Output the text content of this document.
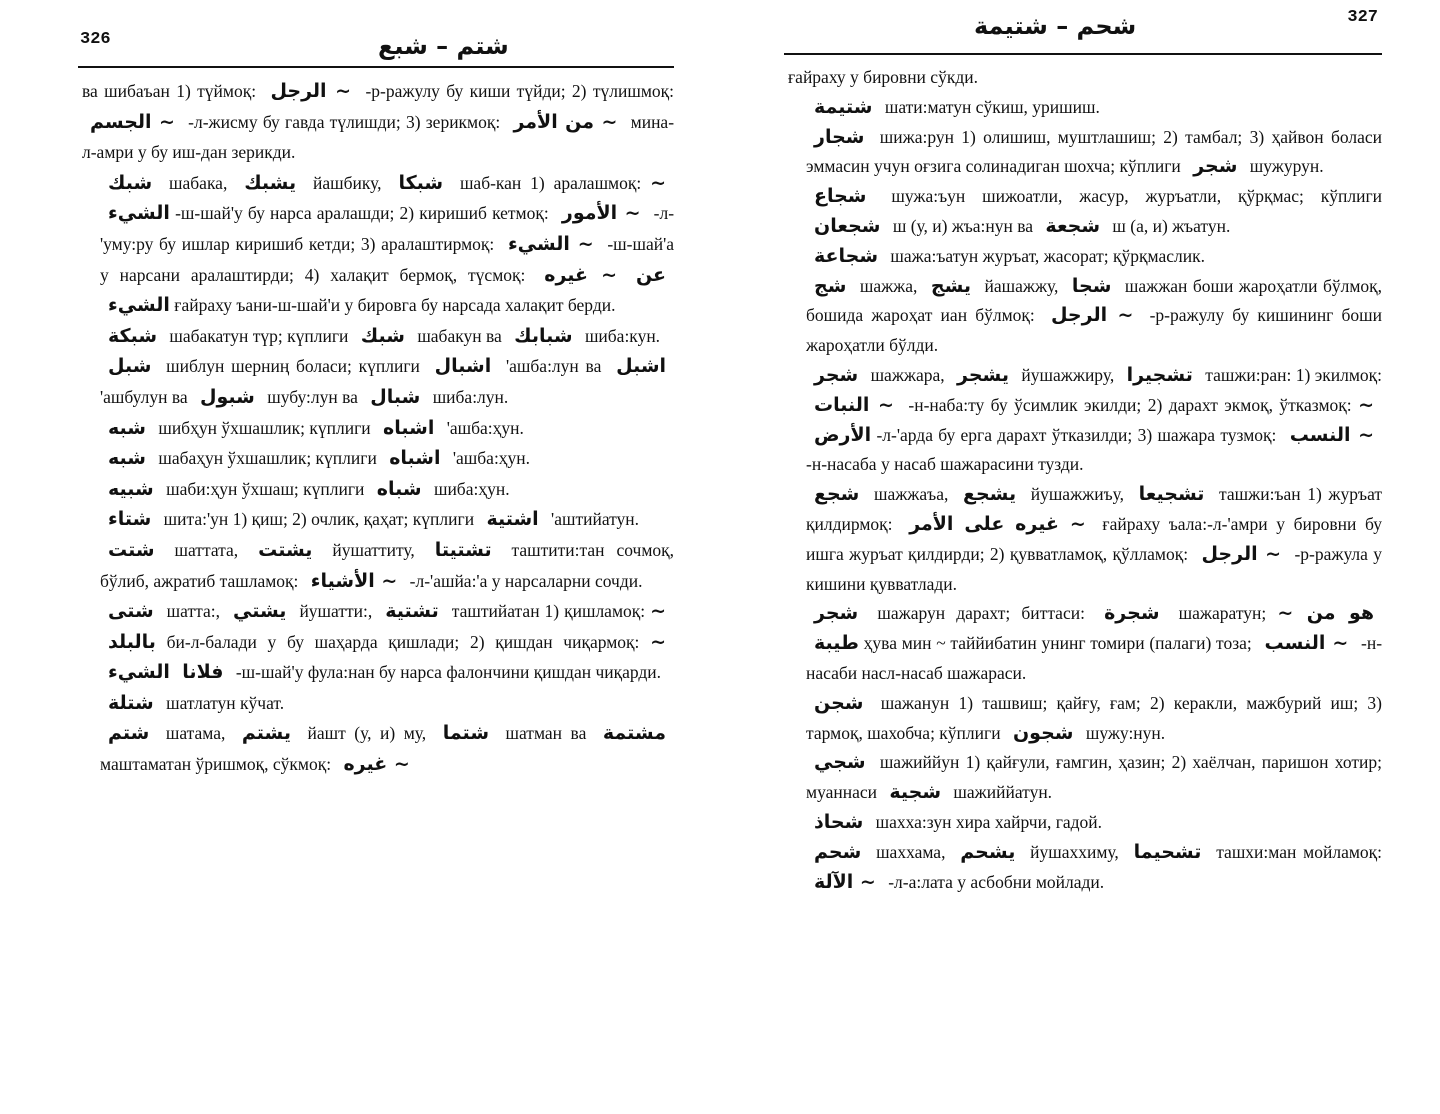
326	شتم – شبع

ва шибаъан 1) түймоқ: ~ الرجل -р-ражулу бу киши түйди; 2) түлишмоқ: ~ الجسم -л-жисму бу гавда түлишди; 3) зерикмоқ: ~ من الأمر мина-л-амри у бу иш-дан зерикди.

شبك шабака, يشبك йашбику, شبكا шаб-кан 1) аралашмоқ: ~ الشيء -ш-шай'у бу нарса аралашди; 2) киришиб кетмоқ: ~ الأمور -л-'уму:ру бу ишлар киришиб кетди; 3) аралаштирмоқ: ~ الشيء -ш-шай'а у нарсани аралаштирди; 4) халақит бермоқ, түсмоқ: ~ غيره عن الشيء ғайраху ъани-ш-шай'и у бировга бу нарсада халақит берди.

شبكة шабакатун түр; күплиги شبك шабакун ва شبابك шиба:кун.

شبل шиблун шерниң боласи; күплиги اشبال 'ашба:лун ва اشبل 'ашбулун ва شبول шубу:лун ва شبال шиба:лун.

شبه шибҳун ўхшашлик; күплиги اشباه 'ашба:ҳун.

شبه шабаҳун ўхшашлик; күплиги اشباه 'ашба:ҳун.

شبيه шаби:ҳун ўхшаш; күплиги شباه шиба:ҳун.

شتاء шита:'ун 1) қиш; 2) очлик, қаҳат; күплиги اشتية 'аштийатун.

شتت шаттата, يشتت йушаттиту, تشتيتا таштити:тан сочмоқ, бўлиб, ажратиб ташламоқ: ~ الأشياء -л-'ашйа:'а у нарсаларни сочди.

شتى шатта:, يشتي йушатти:, تشتية таштийатан 1) қишламоқ: ~ بالبلد би-л-балади у бу шаҳарда қишлади; 2) қишдан чиқармоқ: ~ الشيء فلانا -ш-шай'у фула:нан бу нарса фалончини қишдан чиқарди.

شتلة шатлатун кўчат.

شتم шатама, يشتم йашт (у, и) му, شتما шатман ва مشتمة маштаматан ўришмоқ, сўкмоқ: ~ غيره

327
شحم – شتيمة

ғайраху у бировни сўкди.

شتيمة шати:матун сўкиш, уришиш.

شجار шижа:рун 1) олишиш, муштлашиш; 2) тамбал; 3) ҳайвон боласи эммасин учун оғзига солинадиган шохча; кўплиги شجر шужурун.

شجاع шужа:ъун шижоатли, жасур, журъатли, қўрқмас; кўплиги شجعان ш (у, и) жъа:нун ва شجعة ш (а, и) жъатун.

شجاعة шажа:ъатун журъат, жасорат; қўрқмаслик.

شج шажжа, يشج йашажжу, شجا шажжан боши жароҳатли бўлмоқ, бошида жароҳат иан бўлмоқ: ~ الرجل -р-ражулу бу кишининг боши жароҳатли бўлди.

شجر шажжара, يشجر йушажжиру, تشجيرا ташжи:ран: 1) экилмоқ: ~ النبات -н-наба:ту бу ўсимлик экилди; 2) дарахт экмоқ, ўтказмоқ: ~ الأرض -л-'арда бу ерга дарахт ўтказилди; 3) шажара тузмоқ: ~ النسب -н-насаба у насаб шажарасини тузди.

شجع шажжаъа, يشجع йушажжиъу, تشجيعا ташжи:ъан 1) журъат қилдирмоқ: ~ غيره على الأمر ғайраху ъала:-л-'амри у бировни бу ишга журъат қилдирди; 2) қувватламоқ, қўлламоқ: ~ الرجل -р-ражула у кишини қувватлади.

شجر шажарун дарахт; биттаси: شجرة шажаратун; هو من ~ طيبة ҳува мин ~ таййибатин унинг томири (палаги) тоза; ~ النسب -н-насаби насл-насаб шажараси.

شجن шажанун 1) ташвиш; қайғу, ғам; 2) керакли, мажбурий иш; 3) тармоқ, шахобча; кўплиги شجون шужу:нун.

شجي шажиййун 1) қайғули, ғамгин, ҳазин; 2) хаёлчан, паришон хотир; муаннаси شجية шажиййатун.

شحاذ шахха:зун хира хайрчи, гадой.

شحم шаххама, يشحم йушаххиму, تشحيما ташхи:ман мойламоқ: ~ الآلة -л-а:лата у асбобни мойлади.
